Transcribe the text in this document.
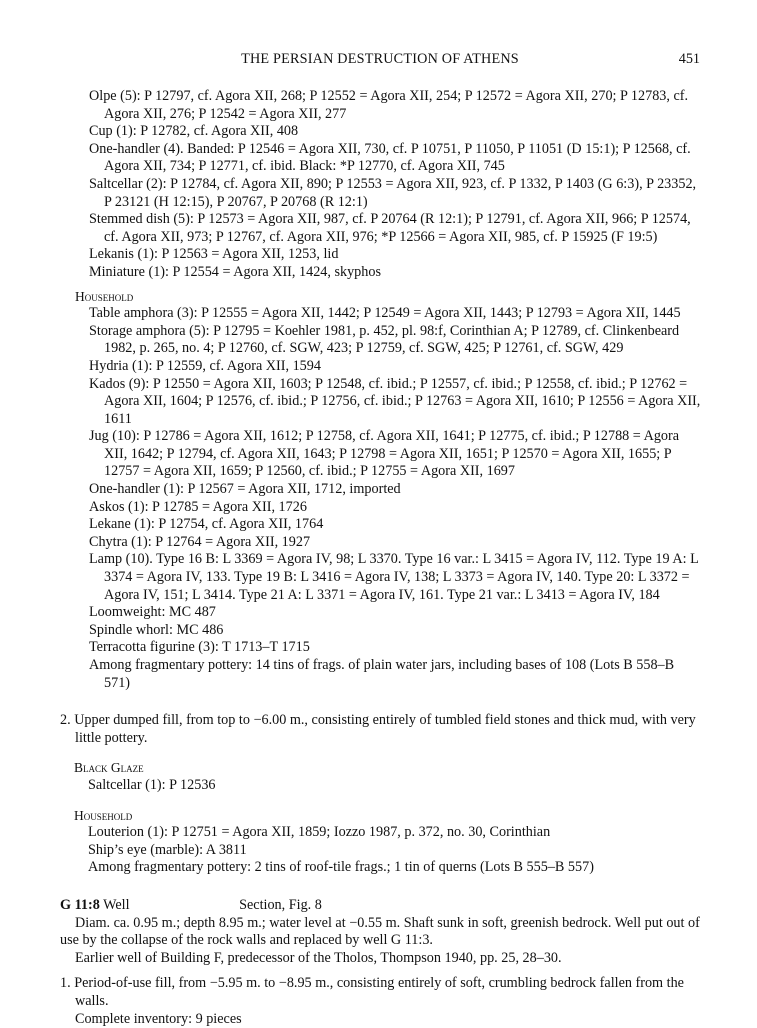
THE PERSIAN DESTRUCTION OF ATHENS	451

Olpe (5): P 12797, cf. Agora XII, 268; P 12552 = Agora XII, 254; P 12572 = Agora XII, 270; P 12783, cf. Agora XII, 276; P 12542 = Agora XII, 277

Cup (1): P 12782, cf. Agora XII, 408

One-handler (4). Banded: P 12546 = Agora XII, 730, cf. P 10751, P 11050, P 11051 (D 15:1); P 12568, cf. Agora XII, 734; P 12771, cf. ibid. Black: *P 12770, cf. Agora XII, 745

Saltcellar (2): P 12784, cf. Agora XII, 890; P 12553 = Agora XII, 923, cf. P 1332, P 1403 (G 6:3), P 23352, P 23121 (H 12:15), P 20767, P 20768 (R 12:1)

Stemmed dish (5): P 12573 = Agora XII, 987, cf. P 20764 (R 12:1); P 12791, cf. Agora XII, 966; P 12574, cf. Agora XII, 973; P 12767, cf. Agora XII, 976; *P 12566 = Agora XII, 985, cf. P 15925 (F 19:5)

Lekanis (1): P 12563 = Agora XII, 1253, lid

Miniature (1): P 12554 = Agora XII, 1424, skyphos

Household

Table amphora (3): P 12555 = Agora XII, 1442; P 12549 = Agora XII, 1443; P 12793 = Agora XII, 1445

Storage amphora (5): P 12795 = Koehler 1981, p. 452, pl. 98:f, Corinthian A; P 12789, cf. Clinkenbeard 1982, p. 265, no. 4; P 12760, cf. SGW, 423; P 12759, cf. SGW, 425; P 12761, cf. SGW, 429

Hydria (1): P 12559, cf. Agora XII, 1594

Kados (9): P 12550 = Agora XII, 1603; P 12548, cf. ibid.; P 12557, cf. ibid.; P 12558, cf. ibid.; P 12762 = Agora XII, 1604; P 12576, cf. ibid.; P 12756, cf. ibid.; P 12763 = Agora XII, 1610; P 12556 = Agora XII, 1611

Jug (10): P 12786 = Agora XII, 1612; P 12758, cf. Agora XII, 1641; P 12775, cf. ibid.; P 12788 = Agora XII, 1642; P 12794, cf. Agora XII, 1643; P 12798 = Agora XII, 1651; P 12570 = Agora XII, 1655; P 12757 = Agora XII, 1659; P 12560, cf. ibid.; P 12755 = Agora XII, 1697

One-handler (1): P 12567 = Agora XII, 1712, imported

Askos (1): P 12785 = Agora XII, 1726

Lekane (1): P 12754, cf. Agora XII, 1764

Chytra (1): P 12764 = Agora XII, 1927

Lamp (10). Type 16 B: L 3369 = Agora IV, 98; L 3370. Type 16 var.: L 3415 = Agora IV, 112. Type 19 A: L 3374 = Agora IV, 133. Type 19 B: L 3416 = Agora IV, 138; L 3373 = Agora IV, 140. Type 20: L 3372 = Agora IV, 151; L 3414. Type 21 A: L 3371 = Agora IV, 161. Type 21 var.: L 3413 = Agora IV, 184

Loomweight: MC 487

Spindle whorl: MC 486

Terracotta figurine (3): T 1713–T 1715

Among fragmentary pottery: 14 tins of frags. of plain water jars, including bases of 108 (Lots B 558–B 571)

2. Upper dumped fill, from top to −6.00 m., consisting entirely of tumbled field stones and thick mud, with very little pottery.

Black Glaze

Saltcellar (1): P 12536

Household

Louterion (1): P 12751 = Agora XII, 1859; Iozzo 1987, p. 372, no. 30, Corinthian

Ship’s eye (marble): A 3811

Among fragmentary pottery: 2 tins of roof-tile frags.; 1 tin of querns (Lots B 555–B 557)

G 11:8 Well	Section, Fig. 8

Diam. ca. 0.95 m.; depth 8.95 m.; water level at −0.55 m. Shaft sunk in soft, greenish bedrock. Well put out of use by the collapse of the rock walls and replaced by well G 11:3.

Earlier well of Building F, predecessor of the Tholos, Thompson 1940, pp. 25, 28–30.

1. Period-of-use fill, from −5.95 m. to −8.95 m., consisting entirely of soft, crumbling bedrock fallen from the walls.

Complete inventory: 9 pieces
